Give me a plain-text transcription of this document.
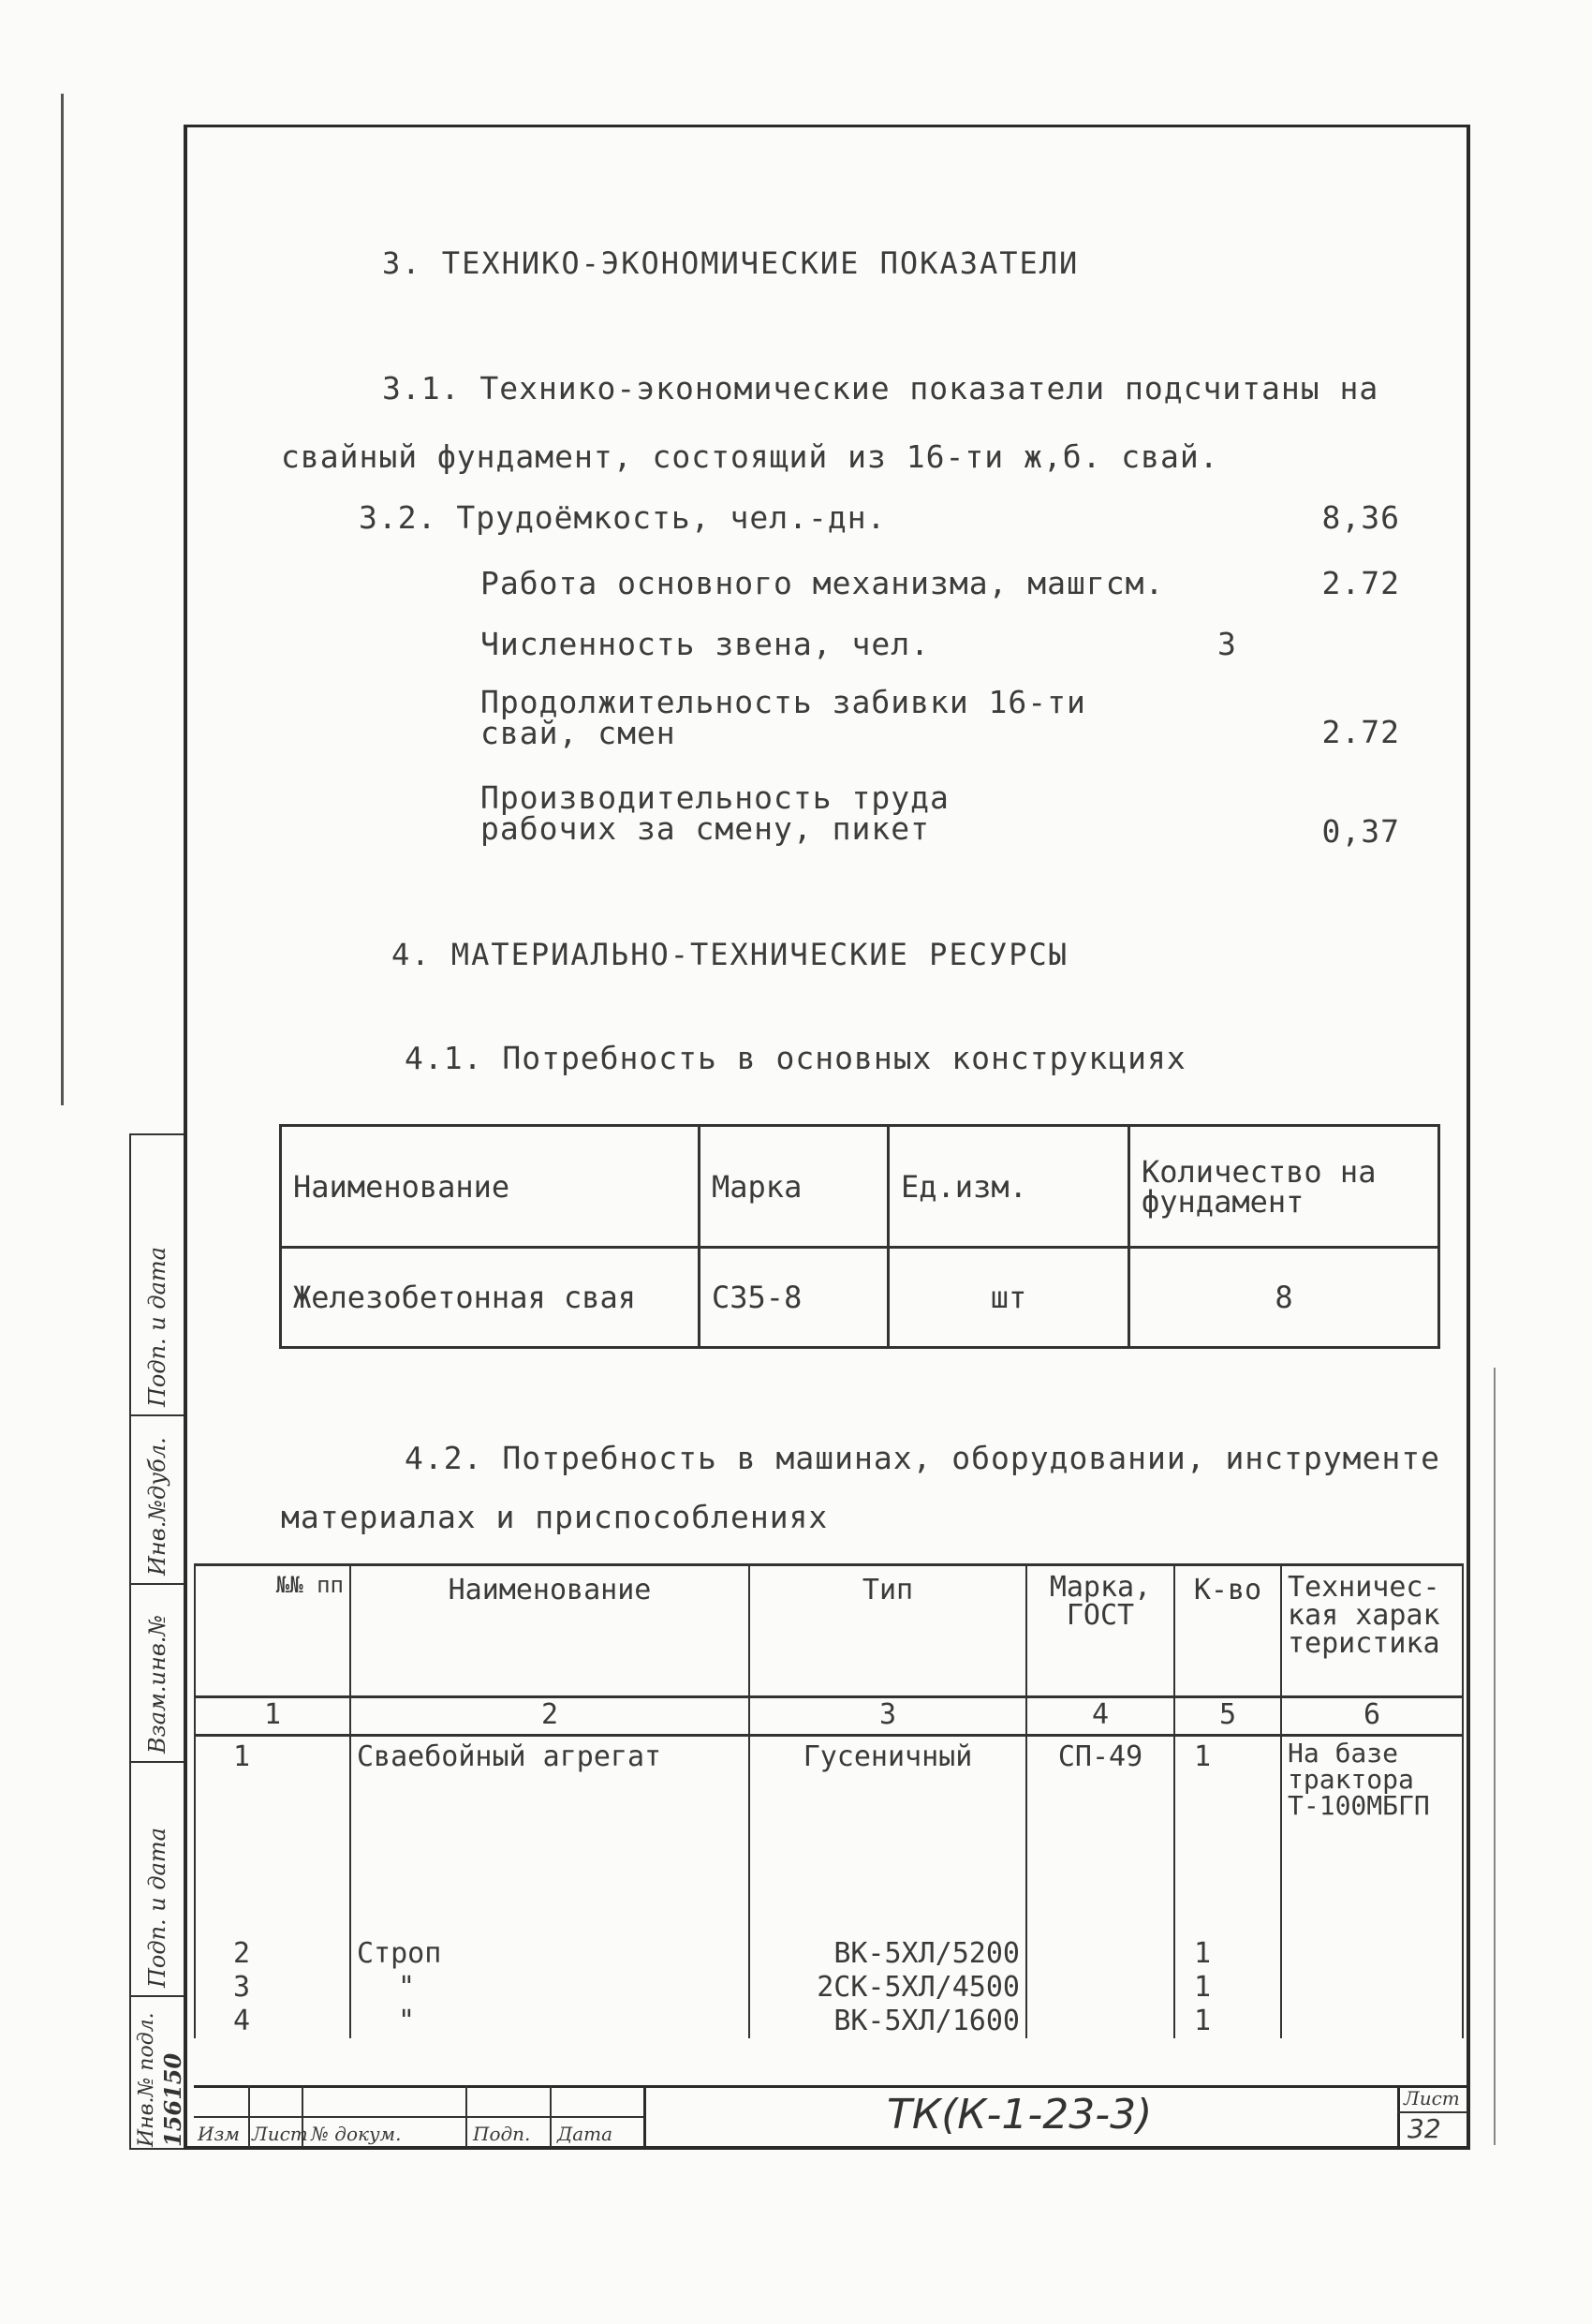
3. ТЕХНИКО-ЭКОНОМИЧЕСКИЕ ПОКАЗАТЕЛИ
3.1. Технико-экономические показатели подсчитаны на
свайный фундамент, состоящий из 16-ти ж,б. свай.
3.2. Трудоёмкость, чел.-дн.	8,36
Работа основного механизма, машгсм.	2.72
Численность звена, чел.	3
Продолжительность забивки 16-ти свай, смен	2.72
Производительность труда рабочих за смену, пикет	0,37
4. МАТЕРИАЛЬНО-ТЕХНИЧЕСКИЕ РЕСУРСЫ
4.1. Потребность в основных конструкциях
Наименование	Марка	Ед.изм.	Количество на фундамент
Железобетонная свая	С35-8	шт	8
4.2. Потребность в машинах, оборудовании, инструменте
материалах и приспособлениях
№№ пп	Наименование	Тип	Марка, ГОСТ	К-во	Техничес-кая харак теристика
1	2	3	4	5	6
1	Сваебойный агрегат	Гусеничный	СП-49	1	На базе трактора Т-100МБГП
2	Строп	ВК-5ХЛ/5200		1	
3	"	2СК-5ХЛ/4500		1	
4	"	ВК-5ХЛ/1600		1	
ТК(К-1-23-3)	Лист
32
Изм Лист № докум.	Подп. Дата
Подп. и дата
Инв.№дубл.
Взам.инв.№
Подп. и дата
Инв.№ подл. 156150
